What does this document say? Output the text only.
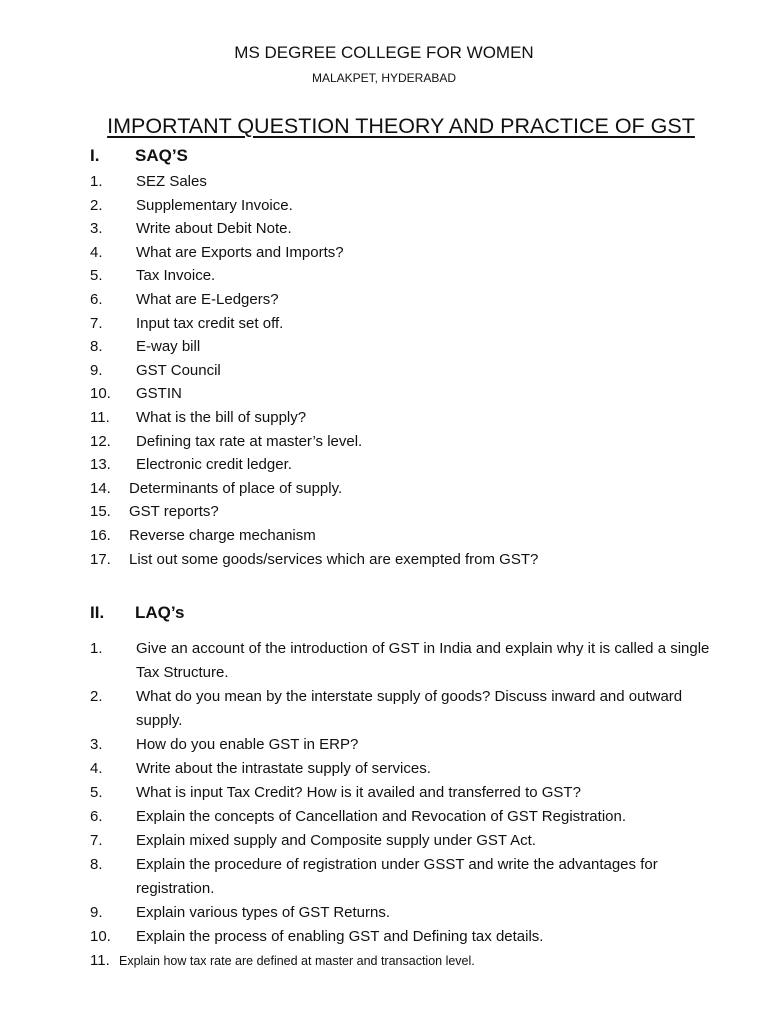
MS DEGREE COLLEGE FOR WOMEN
MALAKPET, HYDERABAD
IMPORTANT QUESTION THEORY AND PRACTICE OF GST
I. SAQ’S
1.	SEZ Sales
2.	Supplementary Invoice.
3.	Write about Debit Note.
4.	What are Exports and Imports?
5.	Tax Invoice.
6.	What are E-Ledgers?
7.	Input tax credit set off.
8.	E-way bill
9.	GST Council
10.	GSTIN
11.	What is the bill of supply?
12.	Defining tax rate at master’s level.
13.	Electronic credit ledger.
14.	Determinants of place of supply.
15.	GST reports?
16.	Reverse charge mechanism
17.	List out some goods/services which are exempted from GST?
II. LAQ’s
1.	Give an account of the introduction of GST in India and explain why it is called a single Tax Structure.
2.	What do you mean by the interstate supply of goods? Discuss inward and outward supply.
3.	How do you enable GST in ERP?
4.	Write about the intrastate supply of services.
5.	What is input Tax Credit? How is it availed and transferred to GST?
6.	Explain the concepts of Cancellation and Revocation of GST Registration.
7.	Explain mixed supply and Composite supply under GST Act.
8.	Explain the procedure of registration under GSST and write the advantages for registration.
9.	Explain various types of GST Returns.
10.	Explain the process of enabling GST and Defining tax details.
11. Explain how tax rate are defined at master and transaction level.
